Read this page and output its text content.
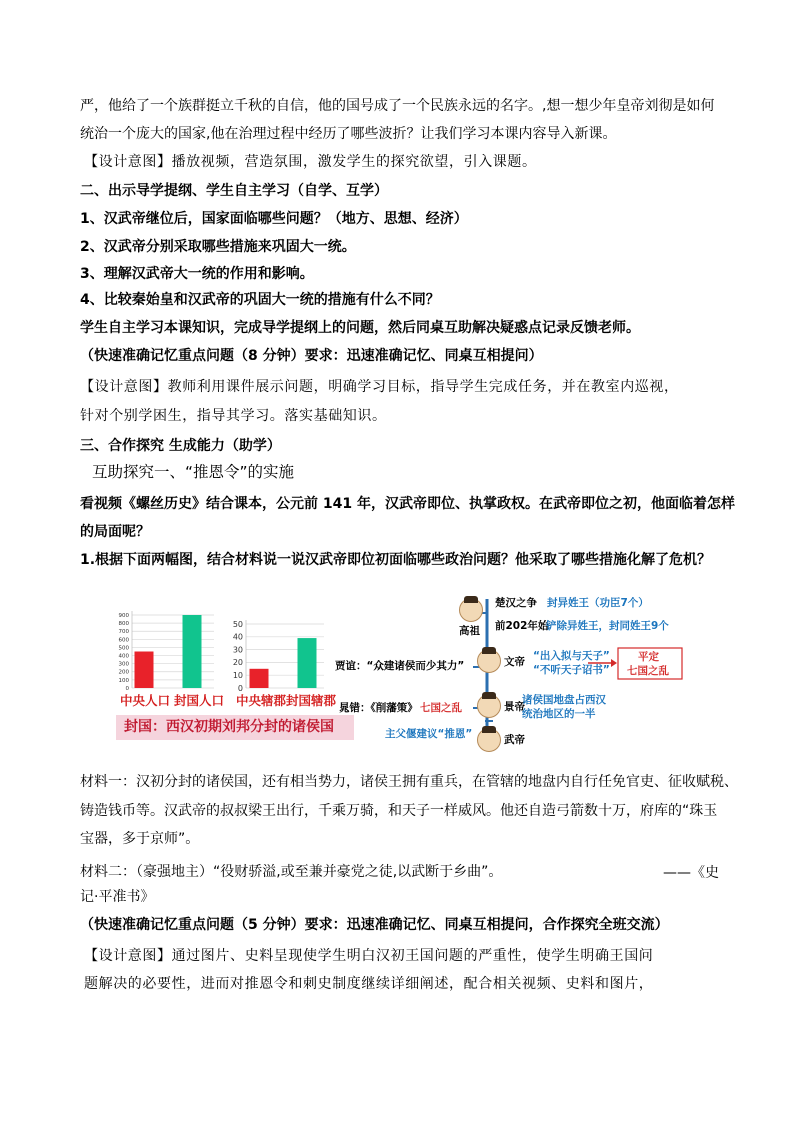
严，他给了一个族群挺立千秋的自信，他的国号成了一个民族永远的名字。,想一想少年皇帝刘彻是如何
统治一个庞大的国家,他在治理过程中经历了哪些波折？让我们学习本课内容导入新课。
【设计意图】播放视频，营造氛围，激发学生的探究欲望，引入课题。
二、出示导学提纲、学生自主学习（自学、互学）
1、汉武帝继位后，国家面临哪些问题？（地方、思想、经济）
2、汉武帝分别采取哪些措施来巩固大一统。
3、理解汉武帝大一统的作用和影响。
4、比较秦始皇和汉武帝的巩固大一统的措施有什么不同？
学生自主学习本课知识，完成导学提纲上的问题，然后同桌互助解决疑惑点记录反馈老师。
（快速准确记忆重点问题（8 分钟）要求：迅速准确记忆、同桌互相提问）
【设计意图】教师利用课件展示问题，明确学习目标，指导学生完成任务，并在教室内巡视，
针对个别学困生，指导其学习。落实基础知识。
三、合作探究 生成能力（助学）
互助探究一、“推恩令”的实施
看视频《螺丝历史》结合课本，公元前 141 年，汉武帝即位、执掌政权。在武帝即位之初，他面临着怎样
的局面呢？
1.根据下面两幅图，结合材料说一说汉武帝即位初面临哪些政治问题？他采取了哪些措施化解了危机？
0
100
200
300
400
500
600
700
800
900
0
10
20
30
40
50
中央人口 封国人口 中央辖郡 封国辖郡
封国：西汉初期刘邦分封的诸侯国
高祖
文帝
景帝
武帝
楚汉之争 封异姓王（功臣7个）
前202年始
铲除异姓王，封同姓王9个
贾谊：“众建诸侯而少其力”
“出入拟与天子”
“不听天子诏书”
晁错：《削藩策》 七国之乱
诸侯国地盘占西汉
统治地区的一半
平定
七国之乱
主父偃建议“推恩”
材料一：汉初分封的诸侯国，还有相当势力，诸侯王拥有重兵，在管辖的地盘内自行任免官吏、征收赋税、
铸造钱币等。汉武帝的叔叔梁王出行，千乘万骑，和天子一样威风。他还自造弓箭数十万，府库的“珠玉
宝器，多于京师”。
材料二：（豪强地主）“役财骄溢,或至兼并豪党之徒,以武断于乡曲”。	——《史
记·平准书》
（快速准确记忆重点问题（5 分钟）要求：迅速准确记忆、同桌互相提问，合作探究全班交流）
【设计意图】通过图片、史料呈现使学生明白汉初王国问题的严重性，使学生明确王国问
题解决的必要性，进而对推恩令和刺史制度继续详细阐述，配合相关视频、史料和图片，
